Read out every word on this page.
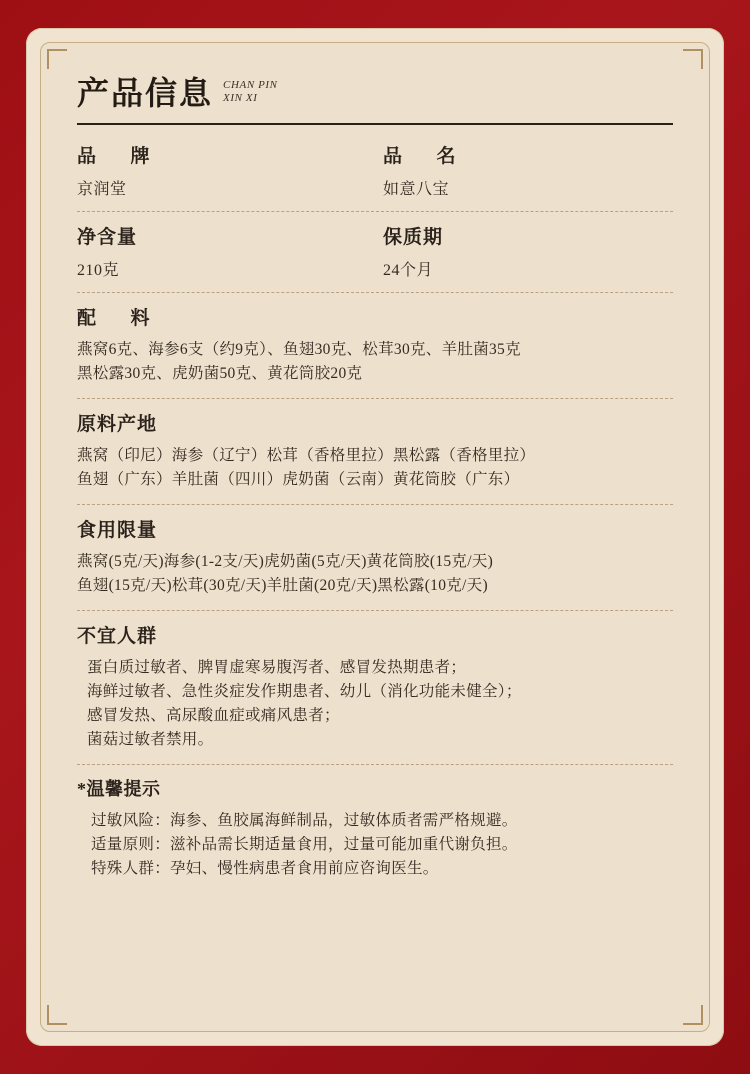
产品信息 CHAN PIN
XIN XI
品 牌
京润堂
品 名
如意八宝
净含量
210克
保质期
24个月
配 料
燕窝6克、海参6支（约9克）、鱼翅30克、松茸30克、羊肚菌35克
黑松露30克、虎奶菌50克、黄花筒胶20克
原料产地
燕窝（印尼）海参（辽宁）松茸（香格里拉）黑松露（香格里拉）
鱼翅（广东）羊肚菌（四川）虎奶菌（云南）黄花筒胶（广东）
食用限量
燕窝(5克/天)海参(1-2支/天)虎奶菌(5克/天)黄花筒胶(15克/天)
鱼翅(15克/天)松茸(30克/天)羊肚菌(20克/天)黑松露(10克/天)
不宜人群
蛋白质过敏者、脾胃虚寒易腹泻者、感冒发热期患者；
海鲜过敏者、急性炎症发作期患者、幼儿（消化功能未健全）；
感冒发热、高尿酸血症或痛风患者；
菌菇过敏者禁用。
*温馨提示
过敏风险：海参、鱼胶属海鲜制品，过敏体质者需严格规避。
适量原则：滋补品需长期适量食用，过量可能加重代谢负担。
特殊人群：孕妇、慢性病患者食用前应咨询医生。
